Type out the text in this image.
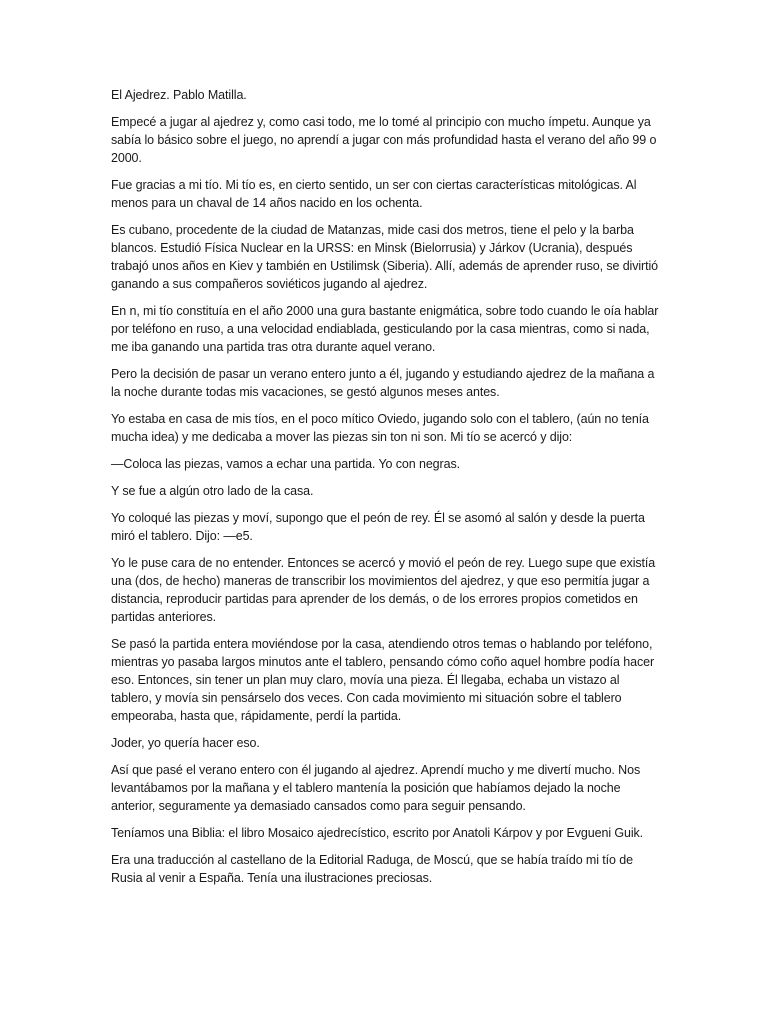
El Ajedrez. Pablo Matilla.

Empecé a jugar al ajedrez y, como casi todo, me lo tomé al principio con mucho ímpetu. Aunque ya sabía lo básico sobre el juego, no aprendí a jugar con más profundidad hasta el verano del año 99 o 2000.

Fue gracias a mi tío. Mi tío es, en cierto sentido, un ser con ciertas características mitológicas. Al menos para un chaval de 14 años nacido en los ochenta.

Es cubano, procedente de la ciudad de Matanzas, mide casi dos metros, tiene el pelo y la barba blancos. Estudió Física Nuclear en la URSS: en Minsk (Bielorrusia) y Járkov (Ucrania), después trabajó unos años en Kiev y también en Ustilimsk (Siberia). Allí, además de aprender ruso, se divirtió ganando a sus compañeros soviéticos jugando al ajedrez.

En n, mi tío constituía en el año 2000 una gura bastante enigmática, sobre todo cuando le oía hablar por teléfono en ruso, a una velocidad endiablada, gesticulando por la casa mientras, como si nada, me iba ganando una partida tras otra durante aquel verano.

Pero la decisión de pasar un verano entero junto a él, jugando y estudiando ajedrez de la mañana a la noche durante todas mis vacaciones, se gestó algunos meses antes.

Yo estaba en casa de mis tíos, en el poco mítico Oviedo, jugando solo con el tablero, (aún no tenía mucha idea) y me dedicaba a mover las piezas sin ton ni son. Mi tío se acercó y dijo:

—Coloca las piezas, vamos a echar una partida. Yo con negras.

Y se fue a algún otro lado de la casa.

Yo coloqué las piezas y moví, supongo que el peón de rey. Él se asomó al salón y desde la puerta miró el tablero. Dijo: —e5.

Yo le puse cara de no entender. Entonces se acercó y movió el peón de rey. Luego supe que existía una (dos, de hecho) maneras de transcribir los movimientos del ajedrez, y que eso permitía jugar a distancia, reproducir partidas para aprender de los demás, o de los errores propios cometidos en partidas anteriores.

Se pasó la partida entera moviéndose por la casa, atendiendo otros temas o hablando por teléfono, mientras yo pasaba largos minutos ante el tablero, pensando cómo coño aquel hombre podía hacer eso. Entonces, sin tener un plan muy claro, movía una pieza. Él llegaba, echaba un vistazo al tablero, y movía sin pensárselo dos veces. Con cada movimiento mi situación sobre el tablero empeoraba, hasta que, rápidamente, perdí la partida.

Joder, yo quería hacer eso.

Así que pasé el verano entero con él jugando al ajedrez. Aprendí mucho y me divertí mucho. Nos levantábamos por la mañana y el tablero mantenía la posición que habíamos dejado la noche anterior, seguramente ya demasiado cansados como para seguir pensando.

Teníamos una Biblia: el libro Mosaico ajedrecístico, escrito por Anatoli Kárpov y por Evgueni Guik.

Era una traducción al castellano de la Editorial Raduga, de Moscú, que se había traído mi tío de Rusia al venir a España. Tenía una ilustraciones preciosas.
